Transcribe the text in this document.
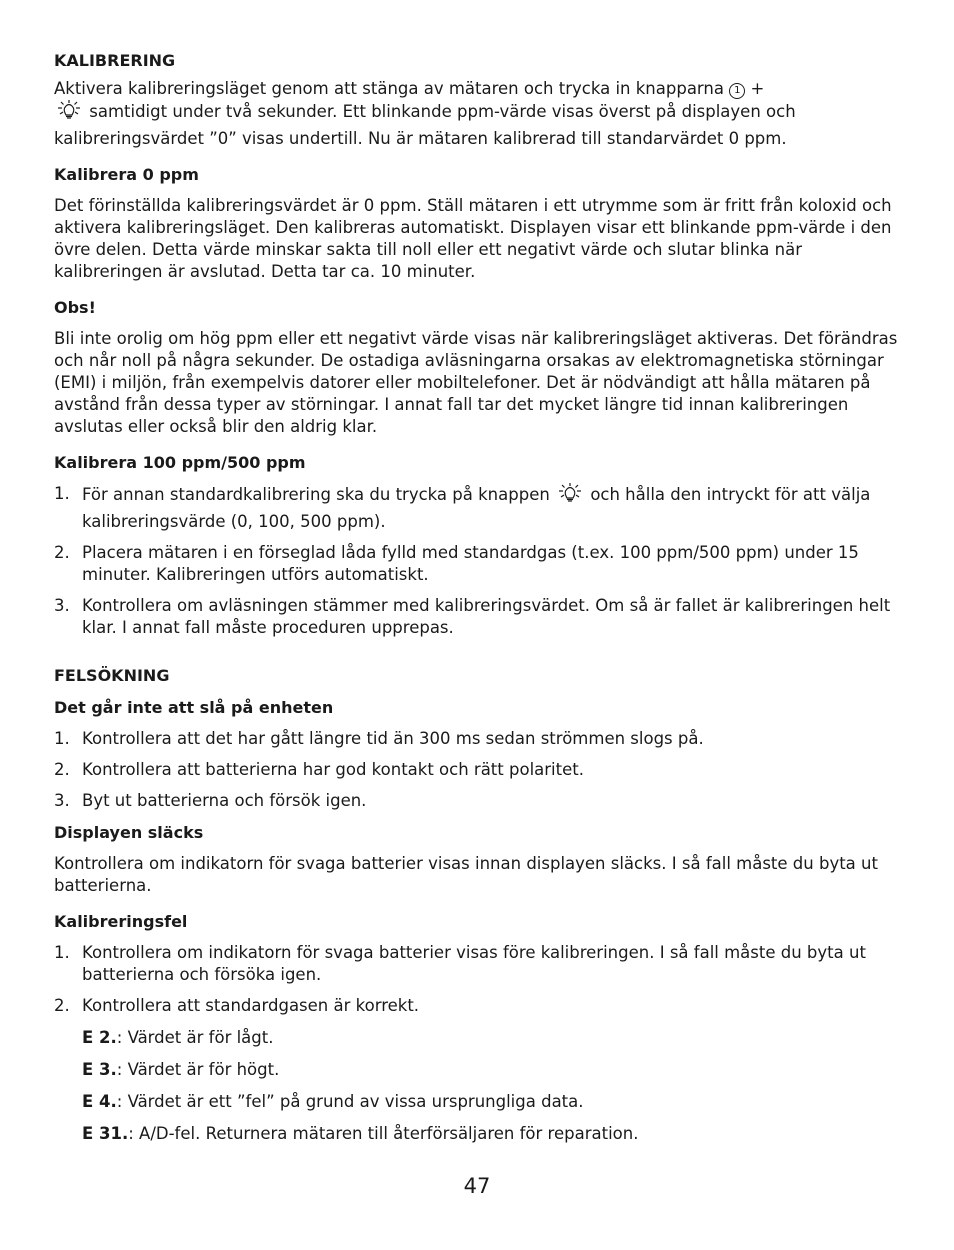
KALIBRERING

Aktivera kalibreringsläget genom att stänga av mätaren och trycka in knapparna 1 +
samtidigt under två sekunder. Ett blinkande ppm-värde visas överst på displayen och kalibreringsvärdet ”0” visas undertill. Nu är mätaren kalibrerad till standarvärdet 0 ppm.

Kalibrera 0 ppm

Det förinställda kalibreringsvärdet är 0 ppm. Ställ mätaren i ett utrymme som är fritt från koloxid och aktivera kalibreringsläget. Den kalibreras automatiskt. Displayen visar ett blinkande ppm-värde i den övre delen. Detta värde minskar sakta till noll eller ett negativt värde och slutar blinka när kalibreringen är avslutad. Detta tar ca. 10 minuter.

Obs!

Bli inte orolig om hög ppm eller ett negativt värde visas när kalibreringsläget aktiveras. Det förändras och når noll på några sekunder. De ostadiga avläsningarna orsakas av elektromagnetiska störningar (EMI) i miljön, från exempelvis datorer eller mobiltelefoner. Det är nödvändigt att hålla mätaren på avstånd från dessa typer av störningar. I annat fall tar det mycket längre tid innan kalibreringen avslutas eller också blir den aldrig klar.

Kalibrera 100 ppm/500 ppm
1. För annan standardkalibrering ska du trycka på knappen och hålla den intryckt för att välja kalibreringsvärde (0, 100, 500 ppm).
2. Placera mätaren i en förseglad låda fylld med standardgas (t.ex. 100 ppm/500 ppm) under 15 minuter. Kalibreringen utförs automatiskt.
3. Kontrollera om avläsningen stämmer med kalibreringsvärdet. Om så är fallet är kalibreringen helt klar. I annat fall måste proceduren upprepas.
FELSÖKNING
Det går inte att slå på enheten
1. Kontrollera att det har gått längre tid än 300 ms sedan strömmen slogs på.
2. Kontrollera att batterierna har god kontakt och rätt polaritet.
3. Byt ut batterierna och försök igen.
Displayen släcks

Kontrollera om indikatorn för svaga batterier visas innan displayen släcks. I så fall måste du byta ut batterierna.

Kalibreringsfel
1. Kontrollera om indikatorn för svaga batterier visas före kalibreringen. I så fall måste du byta ut batterierna och försöka igen.
2. Kontrollera att standardgasen är korrekt.
E 2.: Värdet är för lågt.
E 3.: Värdet är för högt.
E 4.: Värdet är ett ”fel” på grund av vissa ursprungliga data.
E 31.: A/D-fel. Returnera mätaren till återförsäljaren för reparation.
47
